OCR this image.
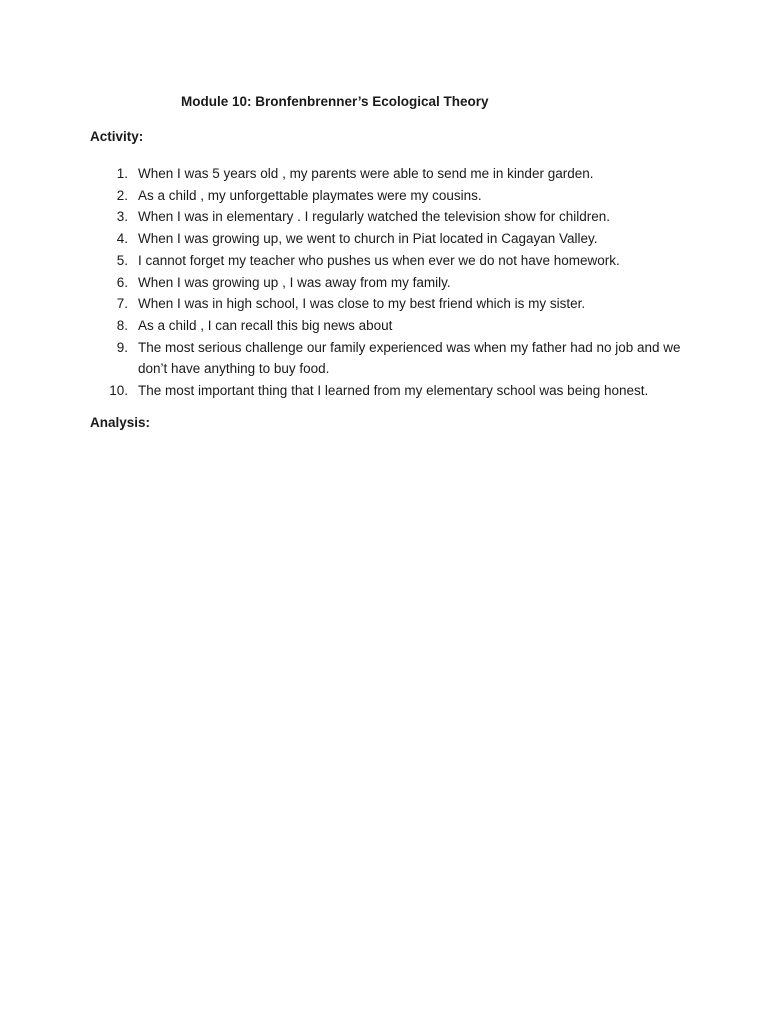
Module 10: Bronfenbrenner’s Ecological Theory
Activity:
1. When I was 5 years old , my parents were able to send me in kinder garden.
2. As a child , my unforgettable playmates were my cousins.
3. When I was in elementary . I regularly watched the television show for children.
4. When I was growing up, we went to church in Piat located in Cagayan Valley.
5. I cannot forget my teacher who pushes us when ever we do not have homework.
6. When I was growing up , I was away from my family.
7. When I was in high school, I was close to my best friend which is my sister.
8. As a child , I can recall this big news about
9. The most serious challenge our family experienced was when my father had no job and we don’t have anything to buy food.
10. The most important thing that I learned from my elementary school was being honest.
Analysis:
